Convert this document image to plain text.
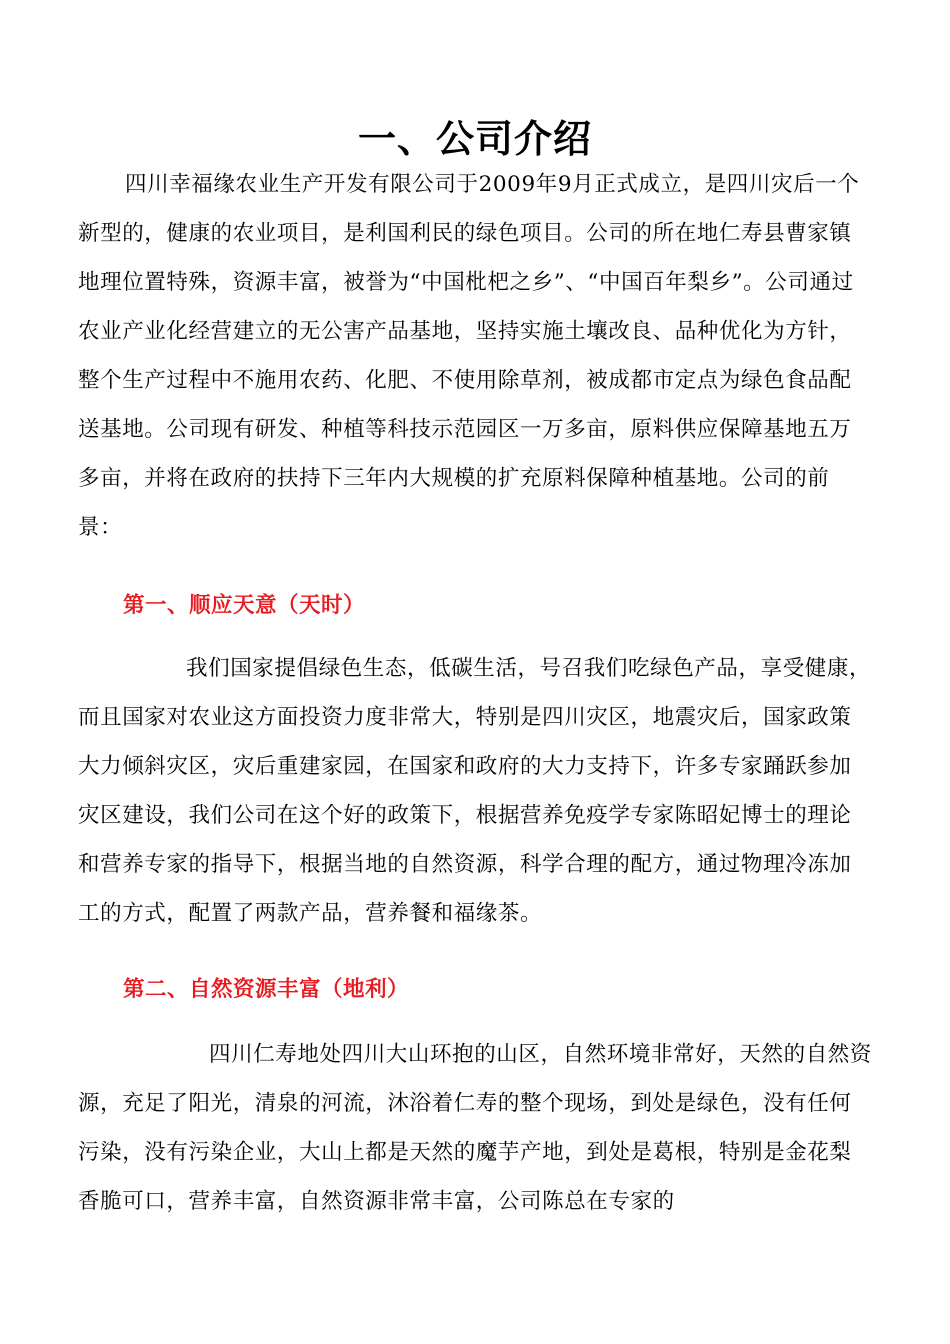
一、公司介绍

四川幸福缘农业生产开发有限公司于2009年9月正式成立，是四川灾后一个新型的，健康的农业项目，是利国利民的绿色项目。公司的所在地仁寿县曹家镇地理位置特殊，资源丰富，被誉为“中国枇杷之乡”、“中国百年梨乡”。公司通过农业产业化经营建立的无公害产品基地，坚持实施土壤改良、品种优化为方针，整个生产过程中不施用农药、化肥、不使用除草剂，被成都市定点为绿色食品配送基地。公司现有研发、种植等科技示范园区一万多亩，原料供应保障基地五万多亩，并将在政府的扶持下三年内大规模的扩充原料保障种植基地。公司的前景：

第一、顺应天意（天时）

我们国家提倡绿色生态，低碳生活，号召我们吃绿色产品，享受健康，而且国家对农业这方面投资力度非常大，特别是四川灾区，地震灾后，国家政策大力倾斜灾区，灾后重建家园，在国家和政府的大力支持下，许多专家踊跃参加灾区建设，我们公司在这个好的政策下，根据营养免疫学专家陈昭妃博士的理论和营养专家的指导下，根据当地的自然资源，科学合理的配方，通过物理冷冻加工的方式，配置了两款产品，营养餐和福缘茶。

第二、自然资源丰富（地利）

四川仁寿地处四川大山环抱的山区，自然环境非常好，天然的自然资源，充足了阳光，清泉的河流，沐浴着仁寿的整个现场，到处是绿色，没有任何污染，没有污染企业，大山上都是天然的魔芋产地，到处是葛根，特别是金花梨香脆可口，营养丰富，自然资源非常丰富，公司陈总在专家的
